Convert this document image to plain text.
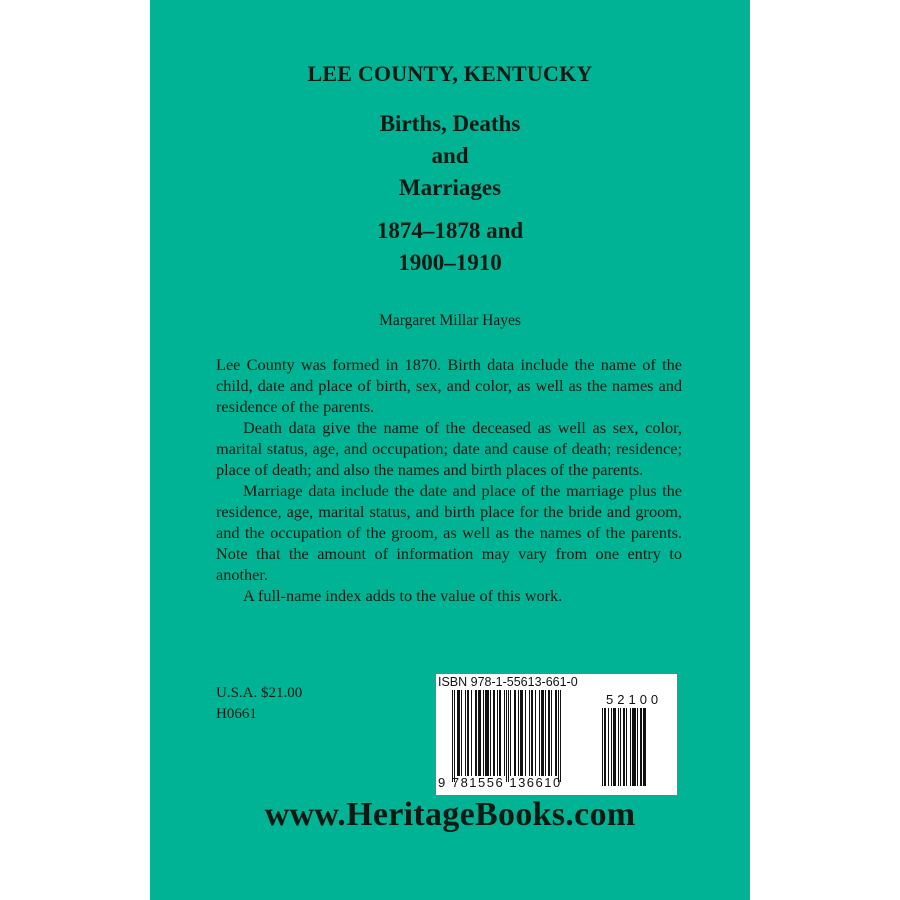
LEE COUNTY, KENTUCKY
Births, Deaths
and
Marriages
1874–1878 and
1900–1910
Margaret Millar Hayes

Lee County was formed in 1870. Birth data include the name of the child, date and place of birth, sex, and color, as well as the names and residence of the parents.

Death data give the name of the deceased as well as sex, color, marital status, age, and occupation; date and cause of death; residence; place of death; and also the names and birth places of the parents.

Marriage data include the date and place of the marriage plus the residence, age, marital status, and birth place for the bride and groom, and the occupation of the groom, as well as the names of the parents. Note that the amount of information may vary from one entry to another.

A full-name index adds to the value of this work.

U.S.A. $21.00
H0661
ISBN 978-1-55613-661-0
9 781556 136610
52100
www.HeritageBooks.com
